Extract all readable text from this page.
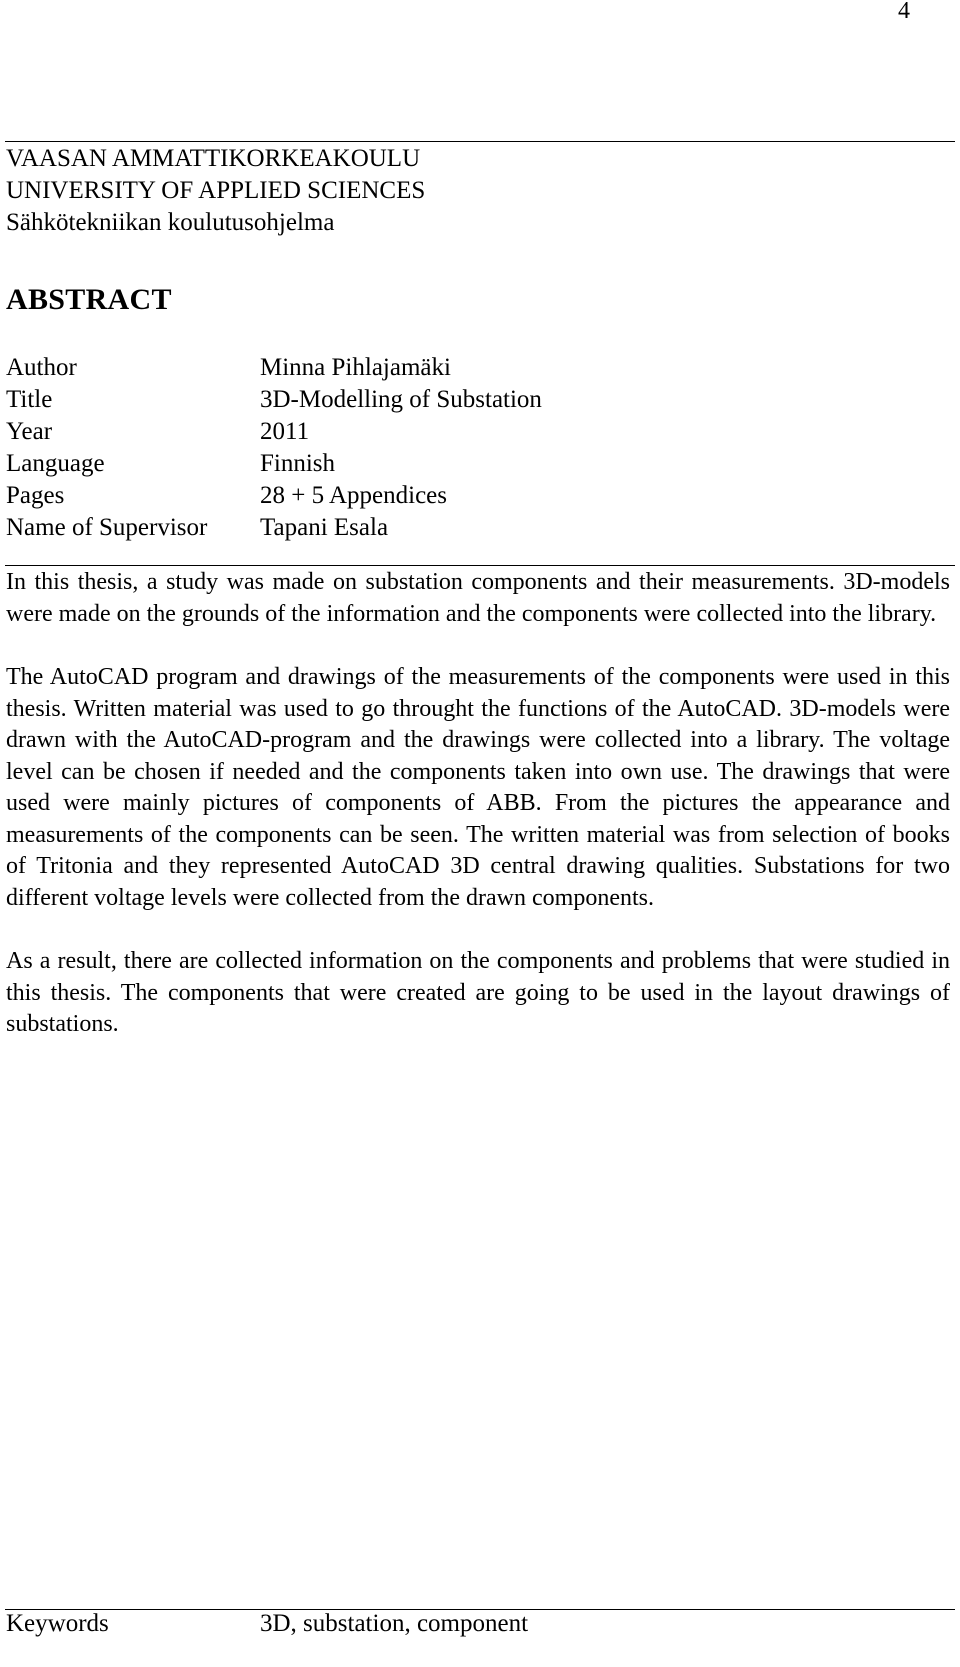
4
VAASAN AMMATTIKORKEAKOULU
UNIVERSITY OF APPLIED SCIENCES
Sähkötekniikan koulutusohjelma
ABSTRACT
Author	Minna Pihlajamäki
Title	3D-Modelling of Substation
Year	2011
Language	Finnish
Pages	28 + 5 Appendices
Name of Supervisor	Tapani Esala

In this thesis, a study was made on substation components and their measurements. 3D-models were made on the grounds of the information and the components were collected into the library.

The AutoCAD program and drawings of the measurements of the components were used in this thesis. Written material was used to go throught the functions of the AutoCAD. 3D-models were drawn with the AutoCAD-program and the drawings were collected into a library. The voltage level can be chosen if needed and the components taken into own use. The drawings that were used were mainly pictures of components of ABB. From the pictures the appearance and measurements of the components can be seen. The written material was from selection of books of Tritonia and they represented AutoCAD 3D central drawing qualities. Substations for two different voltage levels were collected from the drawn components.

As a result, there are collected information on the components and problems that were studied in this thesis. The components that were created are going to be used in the layout drawings of substations.

Keywords	3D, substation, component
